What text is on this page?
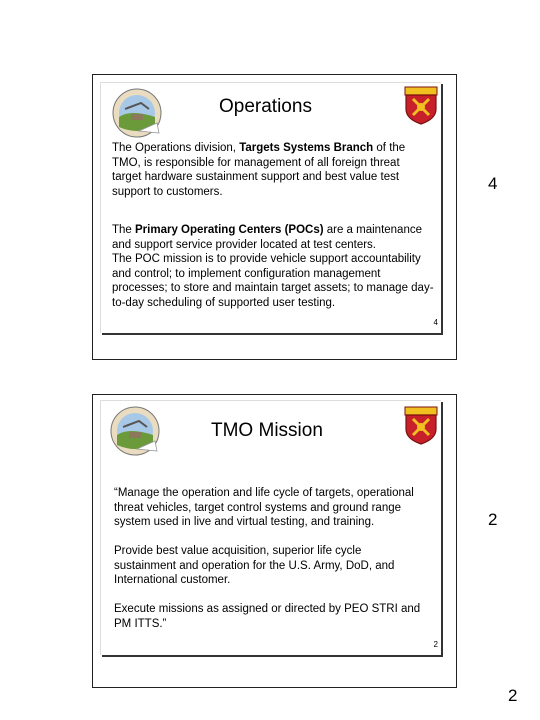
Operations
The Operations division, Targets Systems Branch of the TMO, is responsible for management of all foreign threat target hardware sustainment support and best value test support to customers.
The Primary Operating Centers (POCs) are a maintenance and support service provider located at test centers.
The POC mission is to provide vehicle support accountability and control; to implement configuration management processes; to store and maintain target assets; to manage day-to-day scheduling of supported user testing.
4
4
TMO Mission
“Manage the operation and life cycle of targets, operational threat vehicles, target control systems and ground range system used in live and virtual testing, and training.
Provide best value acquisition, superior life cycle sustainment and operation for the U.S. Army, DoD, and International customer.
Execute missions as assigned or directed by PEO STRI and PM ITTS.”
2
2
2
